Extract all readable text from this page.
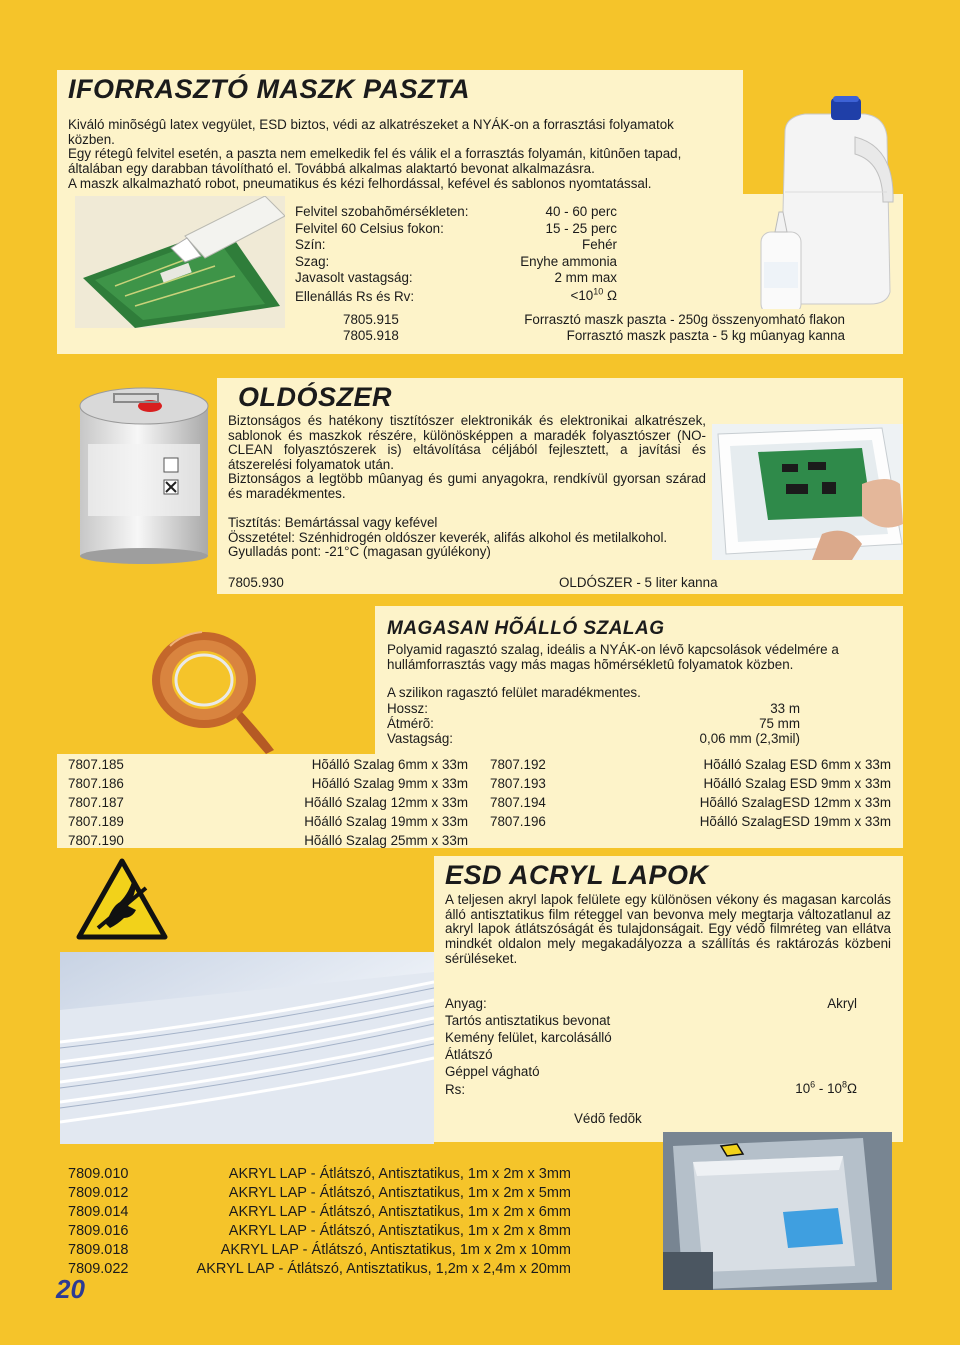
IFORRASZTÓ MASZK PASZTA
Kiváló minõségû latex vegyület, ESD biztos, védi az alkatrészeket a NYÁK-on a forrasztási folyamatok
közben.
Egy rétegû felvitel esetén, a paszta nem emelkedik fel és válik el a forrasztás folyamán, kitûnõen tapad,
általában egy darabban távolítható el. Továbbá alkalmas alaktartó bevonat alkalmazásra.
A maszk alkalmazható robot, pneumatikus és kézi felhordással, kefével és sablonos nyomtatással.
Felvitel szobahõmérsékleten:	40 - 60 perc
Felvitel 60 Celsius fokon:	15 - 25 perc
Szín:	Fehér
Szag:	Enyhe ammonia
Javasolt vastagság:	2 mm max
Ellenállás Rs és Rv:	$<10^{10}$ Ω
7805.915	Forrasztó maszk paszta - 250g összenyomható flakon
7805.918	Forrasztó maszk paszta - 5 kg mûanyag kanna
OLDÓSZER
Biztonságos és hatékony tisztítószer elektronikák és elektronikai alkatrészek, sablonok és maszkok részére, különösképpen a maradék folyasztószer (NO-CLEAN folyasztószerek is) eltávolítása céljából fejlesztett, a javítási és átszerelési folyamatok után.
Biztonságos a legtöbb mûanyag és gumi anyagokra, rendkívül gyorsan szárad és maradékmentes.
Tisztítás: Bemártással vagy kefével
Összetétel: Szénhidrogén oldószer keverék, alifás alkohol és metilalkohol.
Gyulladás pont: -21°C (magasan gyúlékony)
7805.930	OLDÓSZER - 5 liter kanna
MAGASAN HÕÁLLÓ SZALAG
Polyamid ragasztó szalag, ideális a NYÁK-on lévõ kapcsolások védelmére a hullámforrasztás vagy más magas hõmérsékletû folyamatok közben.
A szilikon ragasztó felület maradékmentes.
Hossz:	33 m
Átmérõ:	75 mm
Vastagság:	0,06 mm (2,3mil)
7807.185	Hõálló Szalag 6mm x 33m
7807.186	Hõálló Szalag 9mm x 33m
7807.187	Hõálló Szalag 12mm x 33m
7807.189	Hõálló Szalag 19mm x 33m
7807.190	Hõálló Szalag 25mm x 33m
7807.192	Hõálló Szalag ESD 6mm x 33m
7807.193	Hõálló Szalag ESD 9mm x 33m
7807.194	Hõálló SzalagESD 12mm x 33m
7807.196	Hõálló SzalagESD 19mm x 33m
ESD ACRYL LAPOK
A teljesen akryl lapok felülete egy különösen vékony és magasan karcolás álló antisztatikus film réteggel van bevonva mely megtarja változatlanul az akryl lapok átlátszóságát és tulajdonságait. Egy védõ filmréteg van ellátva mindkét oldalon mely megakadályozza a szállítás és raktározás közbeni sérüléseket.
Anyag:	Akryl
Tartós antisztatikus bevonat
Kemény felület, karcolásálló
Átlátszó
Géppel vágható
Rs:	$10^6 - 10^8\Omega$
Védõ fedõk
7809.010	AKRYL LAP - Átlátszó, Antisztatikus, 1m x 2m x 3mm
7809.012	AKRYL LAP - Átlátszó, Antisztatikus, 1m x 2m x 5mm
7809.014	AKRYL LAP - Átlátszó, Antisztatikus, 1m x 2m x 6mm
7809.016	AKRYL LAP - Átlátszó, Antisztatikus, 1m x 2m x 8mm
7809.018	AKRYL LAP - Átlátszó, Antisztatikus, 1m x 2m x 10mm
7809.022	AKRYL LAP - Átlátszó, Antisztatikus, 1,2m x 2,4m x 20mm
20
